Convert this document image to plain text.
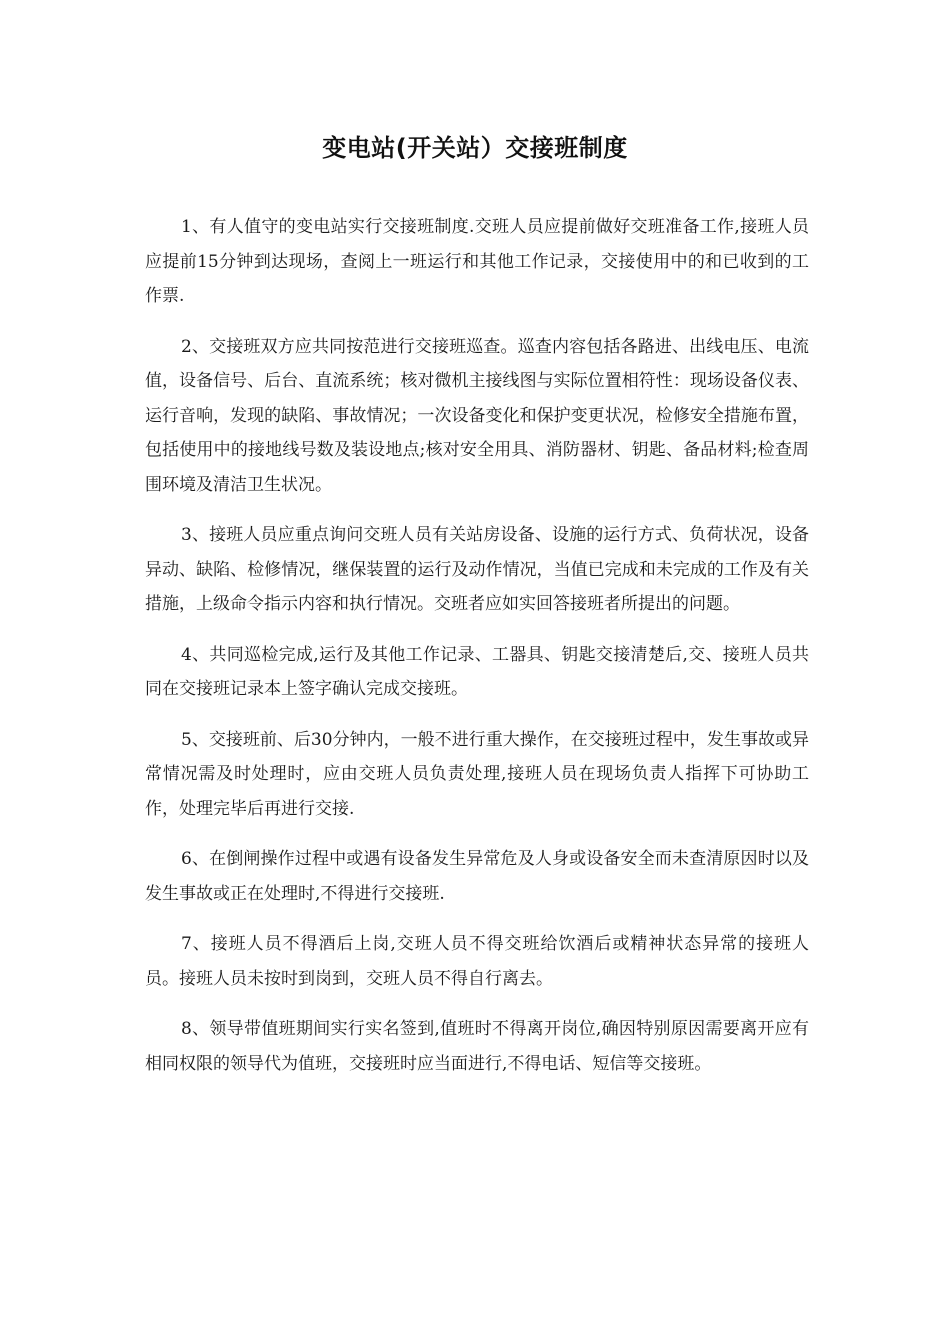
变电站(开关站）交接班制度

1、有人值守的变电站实行交接班制度.交班人员应提前做好交班准备工作,接班人员应提前15分钟到达现场，查阅上一班运行和其他工作记录，交接使用中的和已收到的工作票.

2、交接班双方应共同按范进行交接班巡查。巡查内容包括各路进、出线电压、电流值，设备信号、后台、直流系统；核对微机主接线图与实际位置相符性：现场设备仪表、运行音响，发现的缺陷、事故情况；一次设备变化和保护变更状况，检修安全措施布置，包括使用中的接地线号数及装设地点;核对安全用具、消防器材、钥匙、备品材料;检查周围环境及清洁卫生状况。

3、接班人员应重点询问交班人员有关站房设备、设施的运行方式、负荷状况，设备异动、缺陷、检修情况，继保装置的运行及动作情况，当值已完成和未完成的工作及有关措施，上级命令指示内容和执行情况。交班者应如实回答接班者所提出的问题。

4、共同巡检完成,运行及其他工作记录、工器具、钥匙交接清楚后,交、接班人员共同在交接班记录本上签字确认完成交接班。

5、交接班前、后30分钟内，一般不进行重大操作，在交接班过程中，发生事故或异常情况需及时处理时，应由交班人员负责处理,接班人员在现场负责人指挥下可协助工作，处理完毕后再进行交接.

6、在倒闸操作过程中或遇有设备发生异常危及人身或设备安全而未查清原因时以及发生事故或正在处理时,不得进行交接班.

7、接班人员不得酒后上岗,交班人员不得交班给饮酒后或精神状态异常的接班人员。接班人员未按时到岗到，交班人员不得自行离去。

8、领导带值班期间实行实名签到,值班时不得离开岗位,确因特别原因需要离开应有相同权限的领导代为值班，交接班时应当面进行,不得电话、短信等交接班。
